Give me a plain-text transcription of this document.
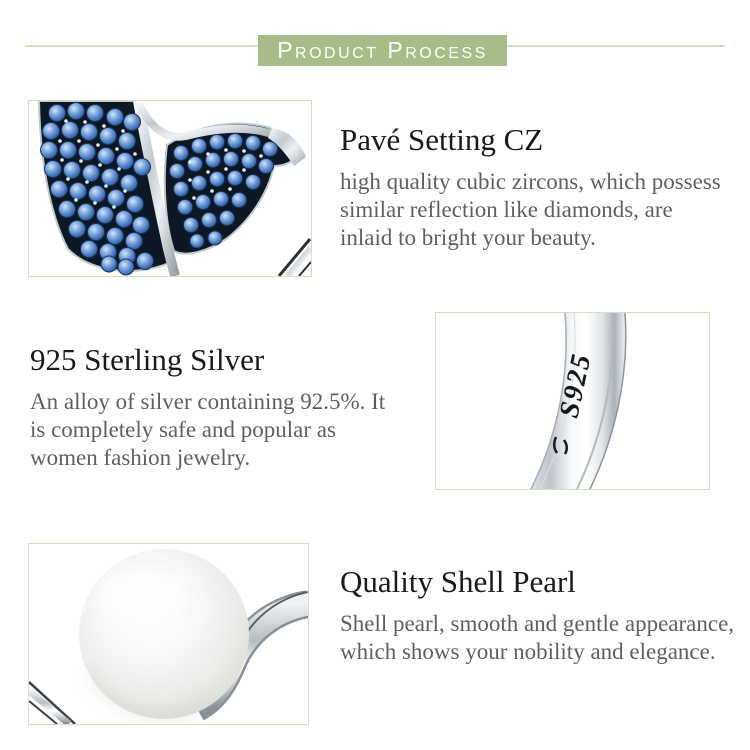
Product Process
Pavé Setting CZ
high quality cubic zircons, which possess
similar reflection like diamonds, are
inlaid to bright your beauty.
925 Sterling Silver
An alloy of silver containing 92.5%. It
is completely safe and popular as
women fashion jewelry.
S925
Quality Shell Pearl
Shell pearl, smooth and gentle appearance,
which shows your nobility and elegance.
